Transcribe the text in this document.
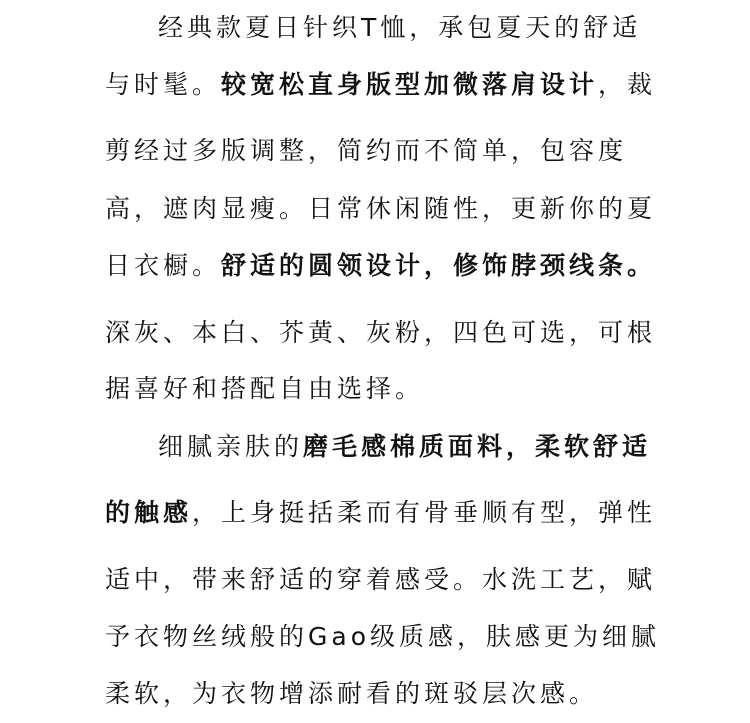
经典款夏日针织T恤，承包夏天的舒适
与时髦。较宽松直身版型加微落肩设计，裁
剪经过多版调整，简约而不简单，包容度
高，遮肉显瘦。日常休闲随性，更新你的夏
日衣橱。舒适的圆领设计，修饰脖颈线条。
深灰、本白、芥黄、灰粉，四色可选，可根
据喜好和搭配自由选择。
细腻亲肤的磨毛感棉质面料，柔软舒适
的触感，上身挺括柔而有骨垂顺有型，弹性
适中，带来舒适的穿着感受。水洗工艺，赋
予衣物丝绒般的Gao级质感，肤感更为细腻
柔软，为衣物增添耐看的斑驳层次感。
